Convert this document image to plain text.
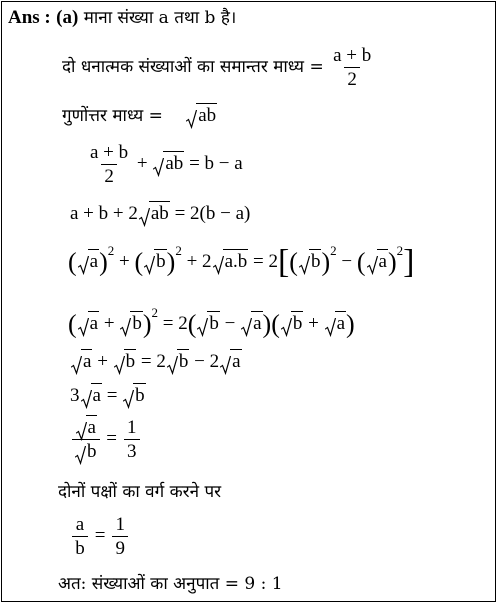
Ans : (a) माना संख्या a तथा b है।
दो धनात्मक संख्याओं का समान्तर माध्य = $\frac{a + b}{2}$
गुणोंत्तर माध्य = ab
$\frac{a + b}{2}$ + ab = b − a
a + b + 2 ab = 2(b − a)
( a)$^2$ + ( b)$^2$ + 2 a.b = 2[( b)$^2$ − ( a)$^2$]
( a + b)$^2$ = 2( b − a)( b + a)
a + b = 2 b − 2 a
3 a = b
$\frac{a}{b} = \frac{1}{3}$
दोनों पक्षों का वर्ग करने पर
$\frac{a}{b} = \frac{1}{9}$
अत: संख्याओं का अनुपात = 9 : 1
